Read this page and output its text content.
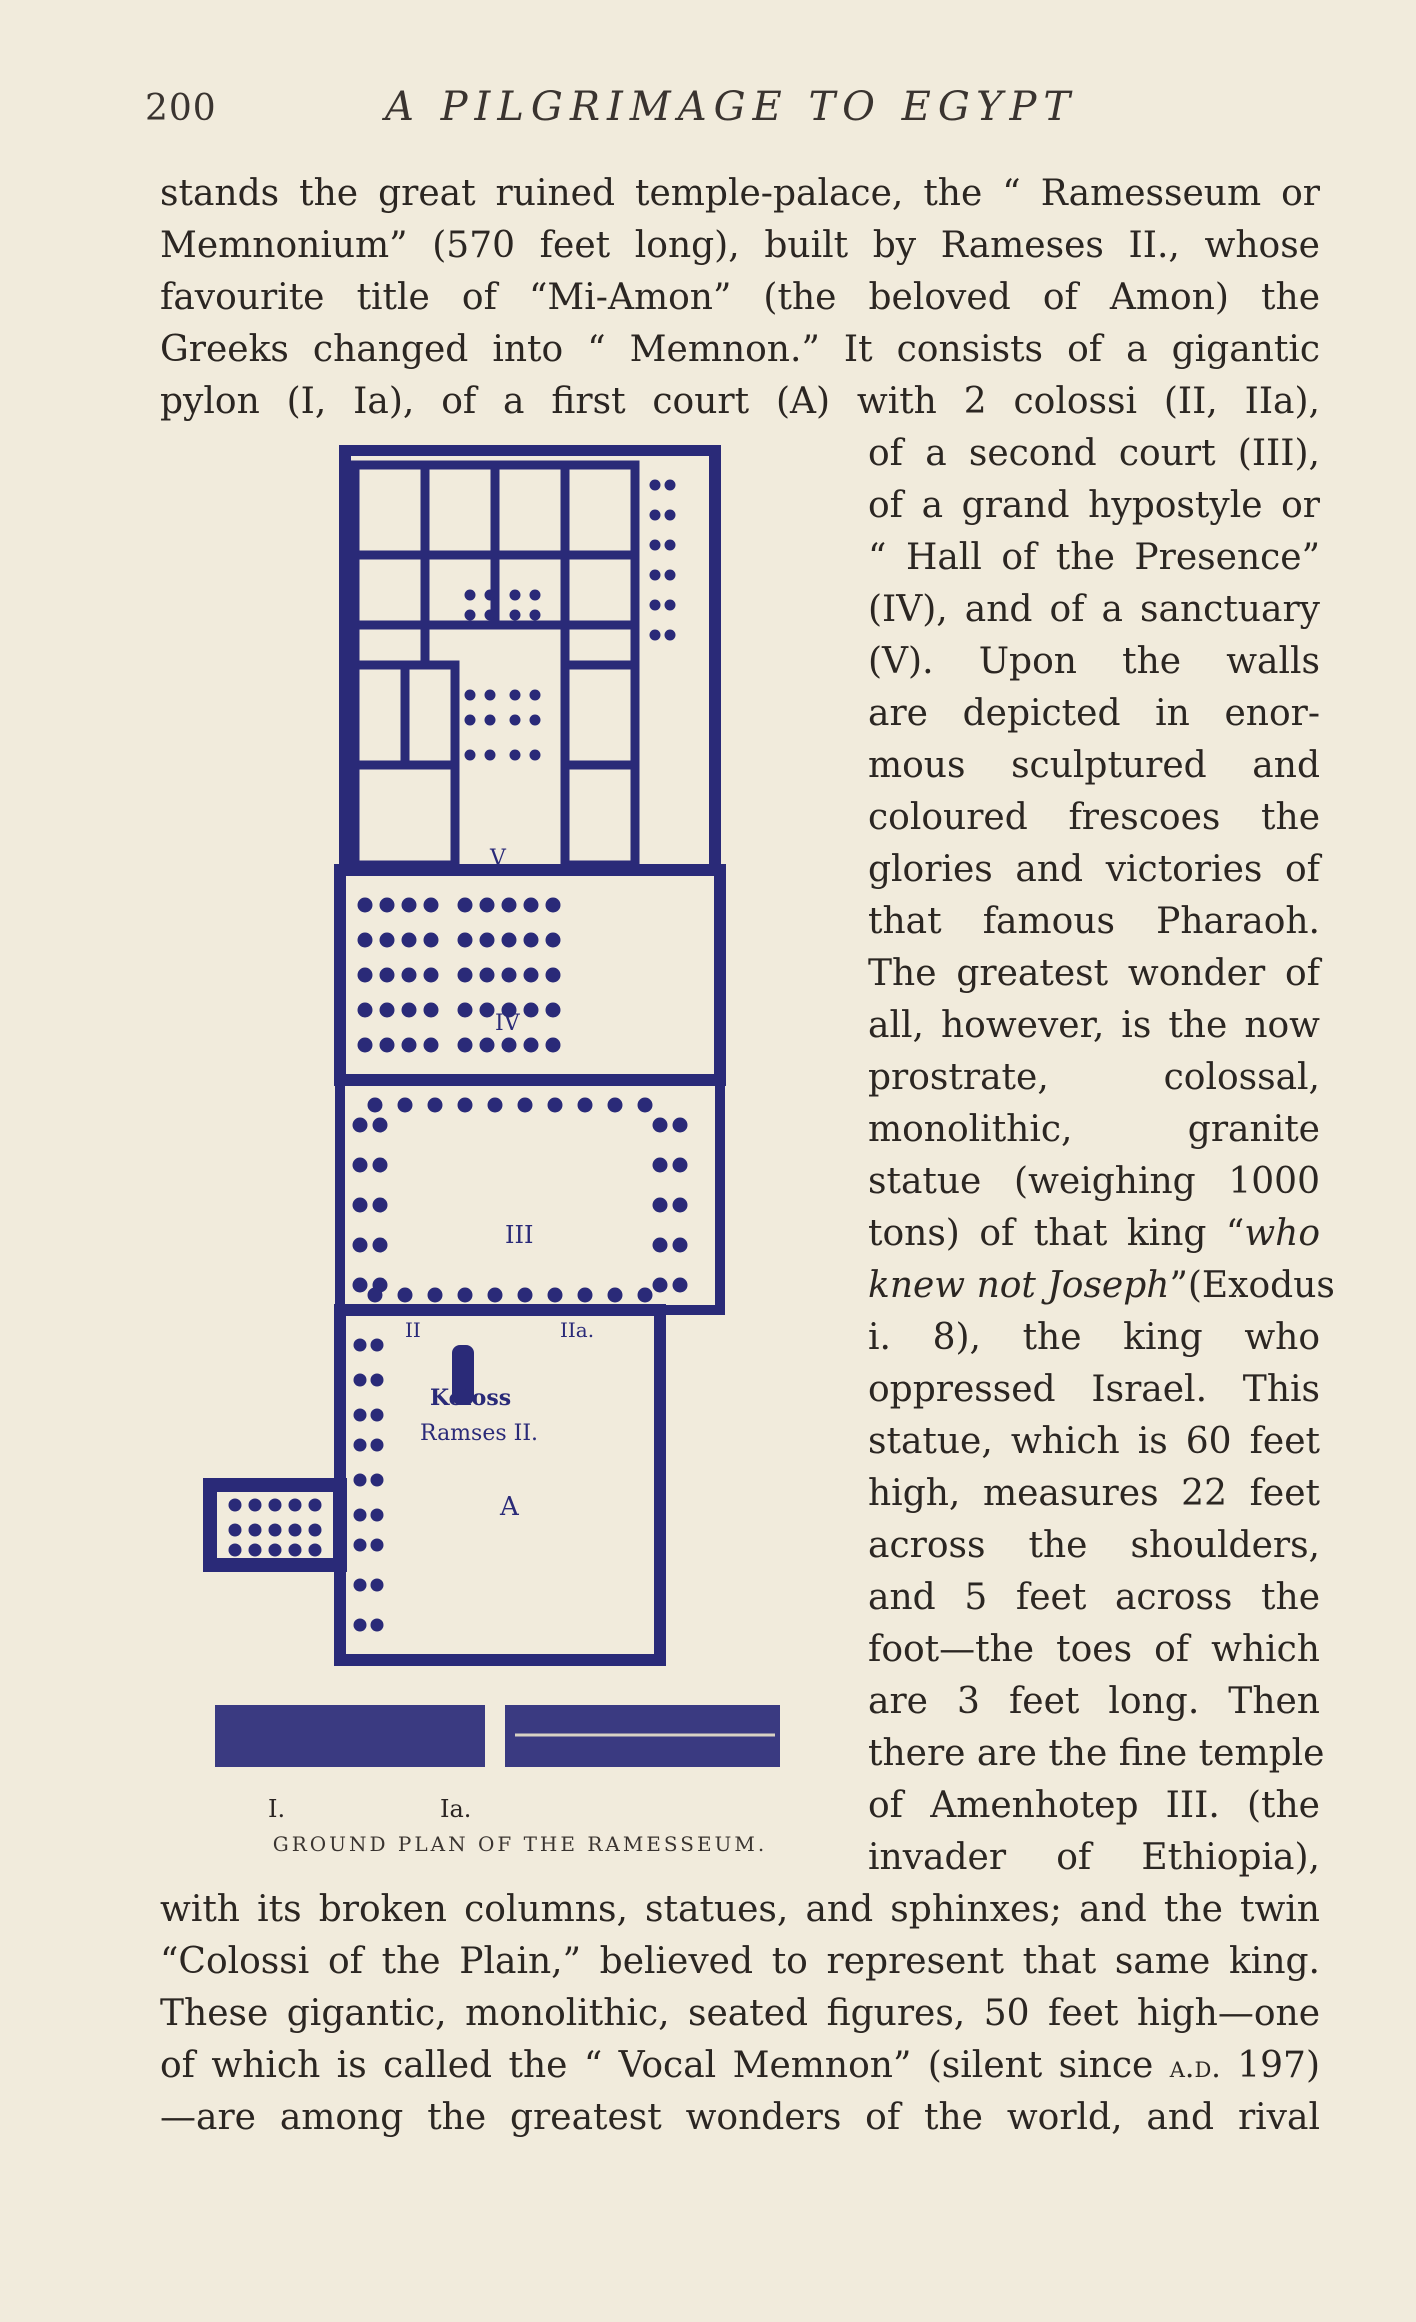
200	A PILGRIMAGE TO EGYPT
stands the great ruined temple-palace, the “ Ramesseum or
Memnonium” (570 feet long), built by Rameses II., whose
favourite title of “Mi-Amon” (the beloved of Amon) the
Greeks changed into “ Memnon.” It consists of a gigantic
pylon (I, Ia), of a first court (A) with 2 colossi (II, IIa),
of a second court (III),
of a grand hypostyle or
“ Hall of the Presence”
(IV), and of a sanctuary
(V). Upon the walls
are depicted in enor-
mous sculptured and
coloured frescoes the
glories and victories of
that famous Pharaoh.
The greatest wonder of
all, however, is the now
prostrate, colossal,
monolithic, granite
statue (weighing 1000
tons) of that king “who
knew not Joseph”(Exodus
i. 8), the king who
oppressed Israel. This
statue, which is 60 feet
high, measures 22 feet
across the shoulders,
and 5 feet across the
foot—the toes of which
are 3 feet long. Then
there are the fine temple
of Amenhotep III. (the
invader of Ethiopia),
with its broken columns, statues, and sphinxes; and the twin
“Colossi of the Plain,” believed to represent that same king.
These gigantic, monolithic, seated figures, 50 feet high—one
of which is called the “ Vocal Memnon” (silent since a.d. 197)
—are among the greatest wonders of the world, and rival
V
IV
III
II	IIa.
Koloss
Ramses II.
A
I.	Ia.
GROUND PLAN OF THE RAMESSEUM.
